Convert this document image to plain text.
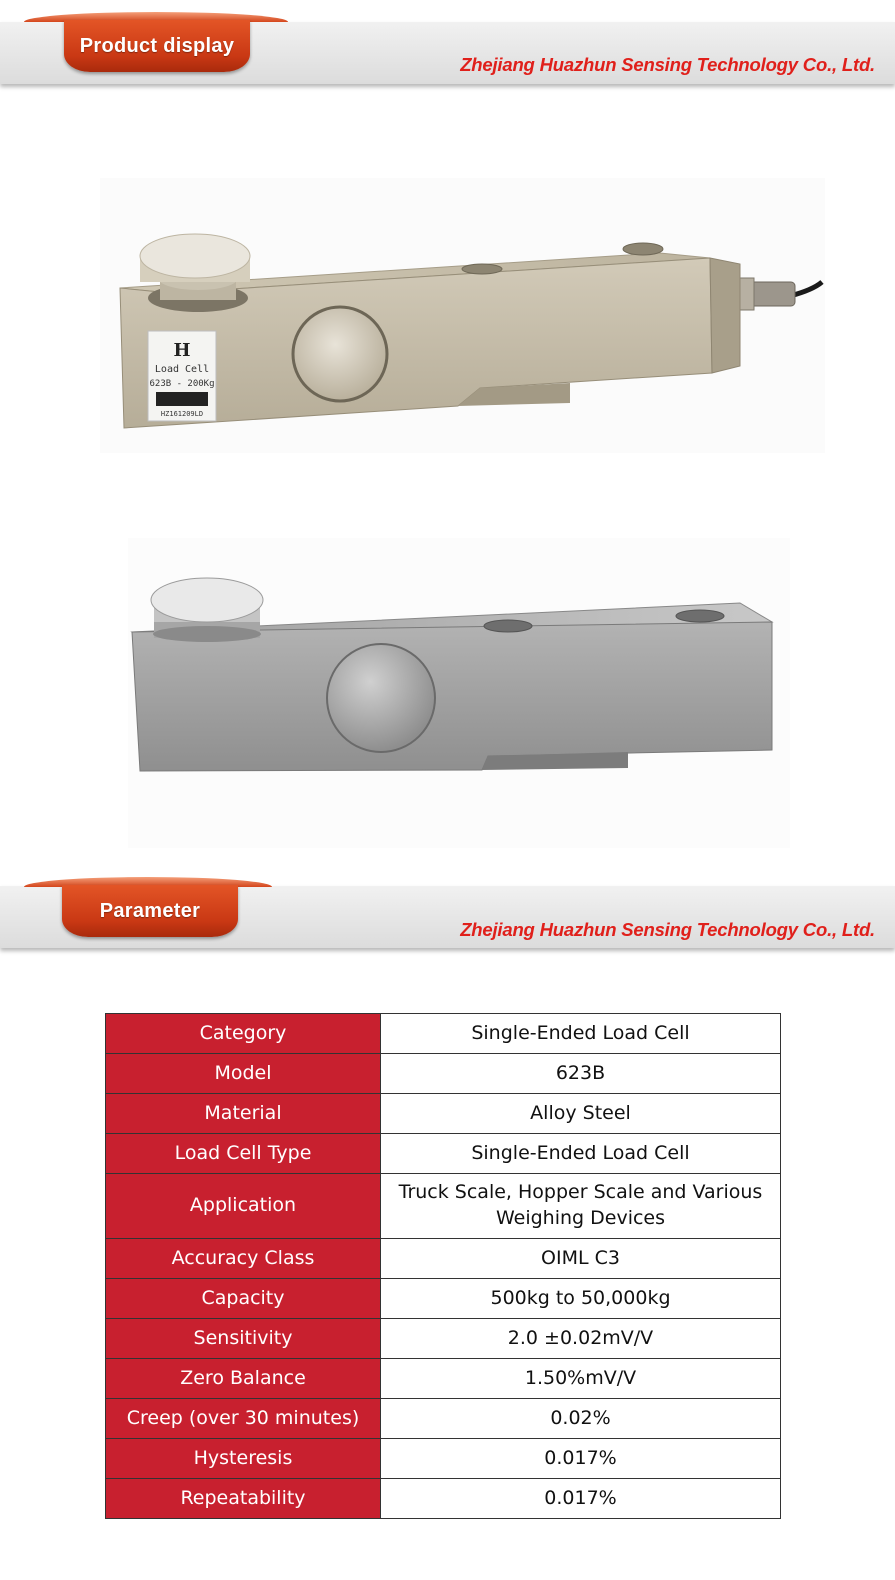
Product display
Zhejiang Huazhun Sensing Technology Co., Ltd.
H
Load Cell
623B - 200Kg
HZ161209LD
Parameter
Zhejiang Huazhun Sensing Technology Co., Ltd.
Category	Single-Ended Load Cell
Model	623B
Material	Alloy Steel
Load Cell Type	Single-Ended Load Cell
Application	Truck Scale, Hopper Scale and Various Weighing Devices
Accuracy Class	OIML C3
Capacity	500kg to 50,000kg
Sensitivity	2.0 ±0.02mV/V
Zero Balance	1.50%mV/V
Creep (over 30 minutes)	0.02%
Hysteresis	0.017%
Repeatability	0.017%
